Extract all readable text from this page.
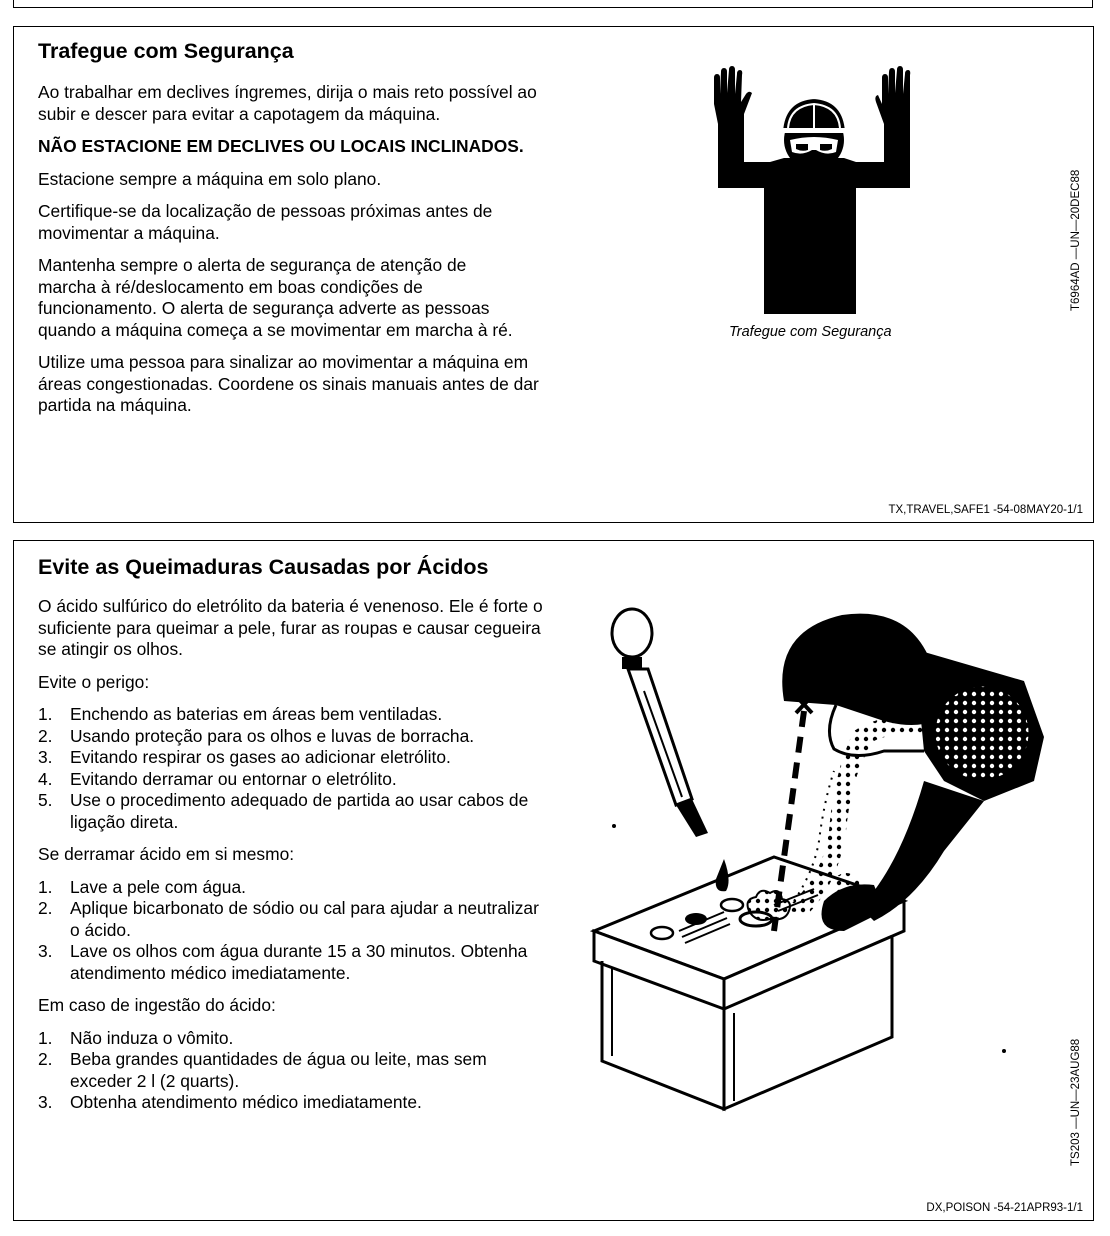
Trafegue com Segurança

Ao trabalhar em declives íngremes, dirija o mais reto possível ao subir e descer para evitar a capotagem da máquina.

NÃO ESTACIONE EM DECLIVES OU LOCAIS INCLINADOS.

Estacione sempre a máquina em solo plano.

Certifique-se da localização de pessoas próximas antes de movimentar a máquina.

Mantenha sempre o alerta de segurança de atenção de marcha à ré/deslocamento em boas condições de funcionamento. O alerta de segurança adverte as pessoas quando a máquina começa a se movimentar em marcha à ré.

Utilize uma pessoa para sinalizar ao movimentar a máquina em áreas congestionadas. Coordene os sinais manuais antes de dar partida na máquina.

Trafegue com Segurança
T6964AD —UN—20DEC88
TX,TRAVEL,SAFE1 -54-08MAY20-1/1
Evite as Queimaduras Causadas por Ácidos

O ácido sulfúrico do eletrólito da bateria é venenoso. Ele é forte o suficiente para queimar a pele, furar as roupas e causar cegueira se atingir os olhos.

Evite o perigo:

1. Enchendo as baterias em áreas bem ventiladas.
2. Usando proteção para os olhos e luvas de borracha.
3. Evitando respirar os gases ao adicionar eletrólito.
4. Evitando derramar ou entornar o eletrólito.
5. Use o procedimento adequado de partida ao usar cabos de ligação direta.

Se derramar ácido em si mesmo:

1. Lave a pele com água.
2. Aplique bicarbonato de sódio ou cal para ajudar a neutralizar o ácido.
3. Lave os olhos com água durante 15 a 30 minutos. Obtenha atendimento médico imediatamente.

Em caso de ingestão do ácido:

1. Não induza o vômito.
2. Beba grandes quantidades de água ou leite, mas sem exceder 2 l (2 quarts).
3. Obtenha atendimento médico imediatamente.	TS203 —UN—23AUG88
DX,POISON -54-21APR93-1/1
